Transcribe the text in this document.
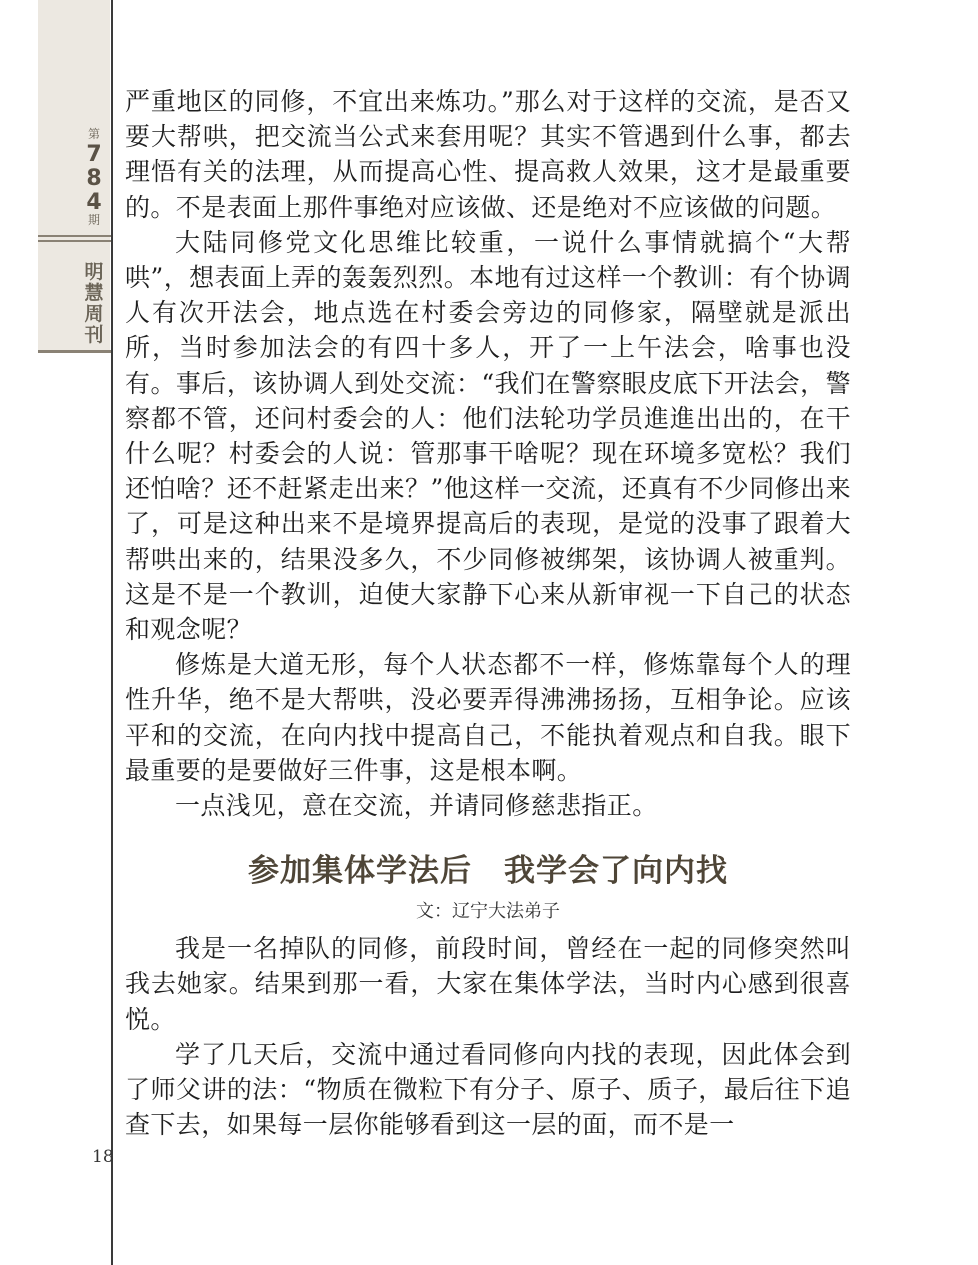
第
7
8
4
期
明
慧
周
刊
18

严重地区的同修，不宜出来炼功。”那么对于这样的交流，是否又要大帮哄，把交流当公式来套用呢？其实不管遇到什么事，都去理悟有关的法理，从而提高心性、提高救人效果，这才是最重要的。不是表面上那件事绝对应该做、还是绝对不应该做的问题。

大陆同修党文化思维比较重，一说什么事情就搞个“大帮哄”，想表面上弄的轰轰烈烈。本地有过这样一个教训：有个协调人有次开法会，地点选在村委会旁边的同修家，隔壁就是派出所，当时参加法会的有四十多人，开了一上午法会，啥事也没有。事后，该协调人到处交流：“我们在警察眼皮底下开法会，警察都不管，还问村委会的人：他们法轮功学员進進出出的，在干什么呢？村委会的人说：管那事干啥呢？现在环境多宽松？我们还怕啥？还不赶紧走出来？”他这样一交流，还真有不少同修出来了，可是这种出来不是境界提高后的表现，是觉的没事了跟着大帮哄出来的，结果没多久，不少同修被绑架，该协调人被重判。这是不是一个教训，迫使大家静下心来从新审视一下自己的状态和观念呢？

修炼是大道无形，每个人状态都不一样，修炼靠每个人的理性升华，绝不是大帮哄，没必要弄得沸沸扬扬，互相争论。应该平和的交流，在向内找中提高自己，不能执着观点和自我。眼下最重要的是要做好三件事，这是根本啊。

一点浅见，意在交流，并请同修慈悲指正。

参加集体学法后　我学会了向内找
文：辽宁大法弟子

我是一名掉队的同修，前段时间，曾经在一起的同修突然叫我去她家。结果到那一看，大家在集体学法，当时内心感到很喜悦。

学了几天后，交流中通过看同修向内找的表现，因此体会到了师父讲的法：“物质在微粒下有分子、原子、质子，最后往下追查下去，如果每一层你能够看到这一层的面，而不是一
